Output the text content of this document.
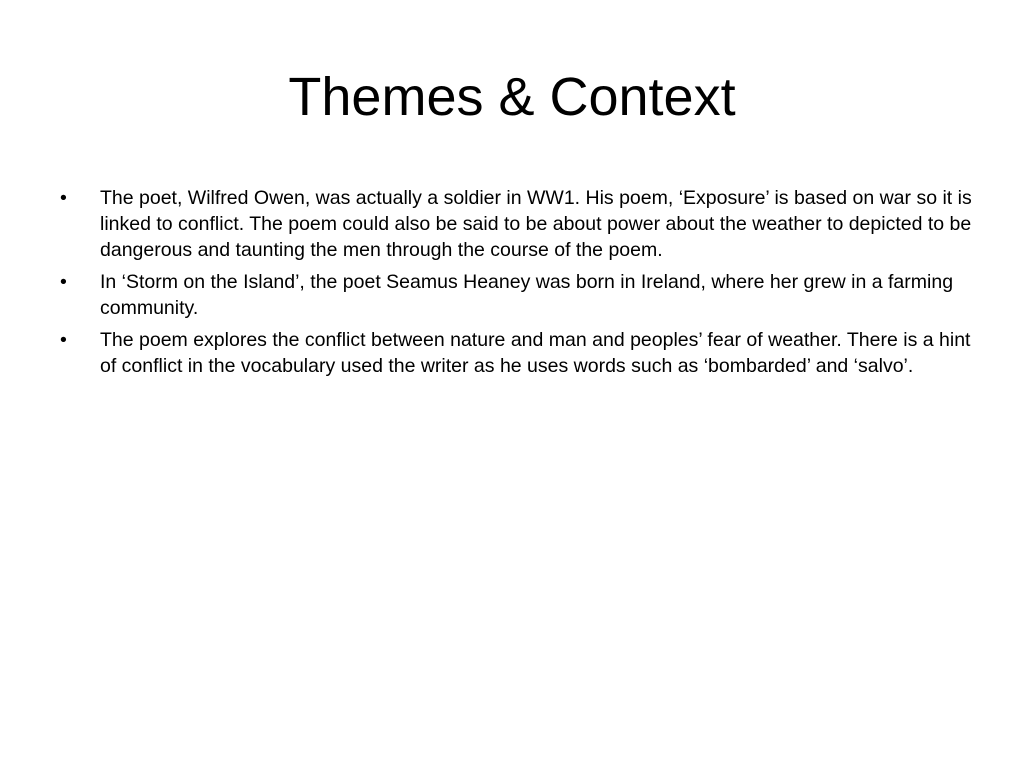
Themes & Context
•	The poet, Wilfred Owen, was actually a soldier in WW1. His poem, ‘Exposure’ is based on war so it is linked to conflict. The poem could also be said to be about power about the weather to depicted to be dangerous and taunting the men through the course of the poem.
•	In ‘Storm on the Island’, the poet Seamus Heaney was born in Ireland, where her grew in a farming community.
•	The poem explores the conflict between nature and man and peoples’ fear of weather. There is a hint of conflict in the vocabulary used the writer as he uses words such as ‘bombarded’ and ‘salvo’.
